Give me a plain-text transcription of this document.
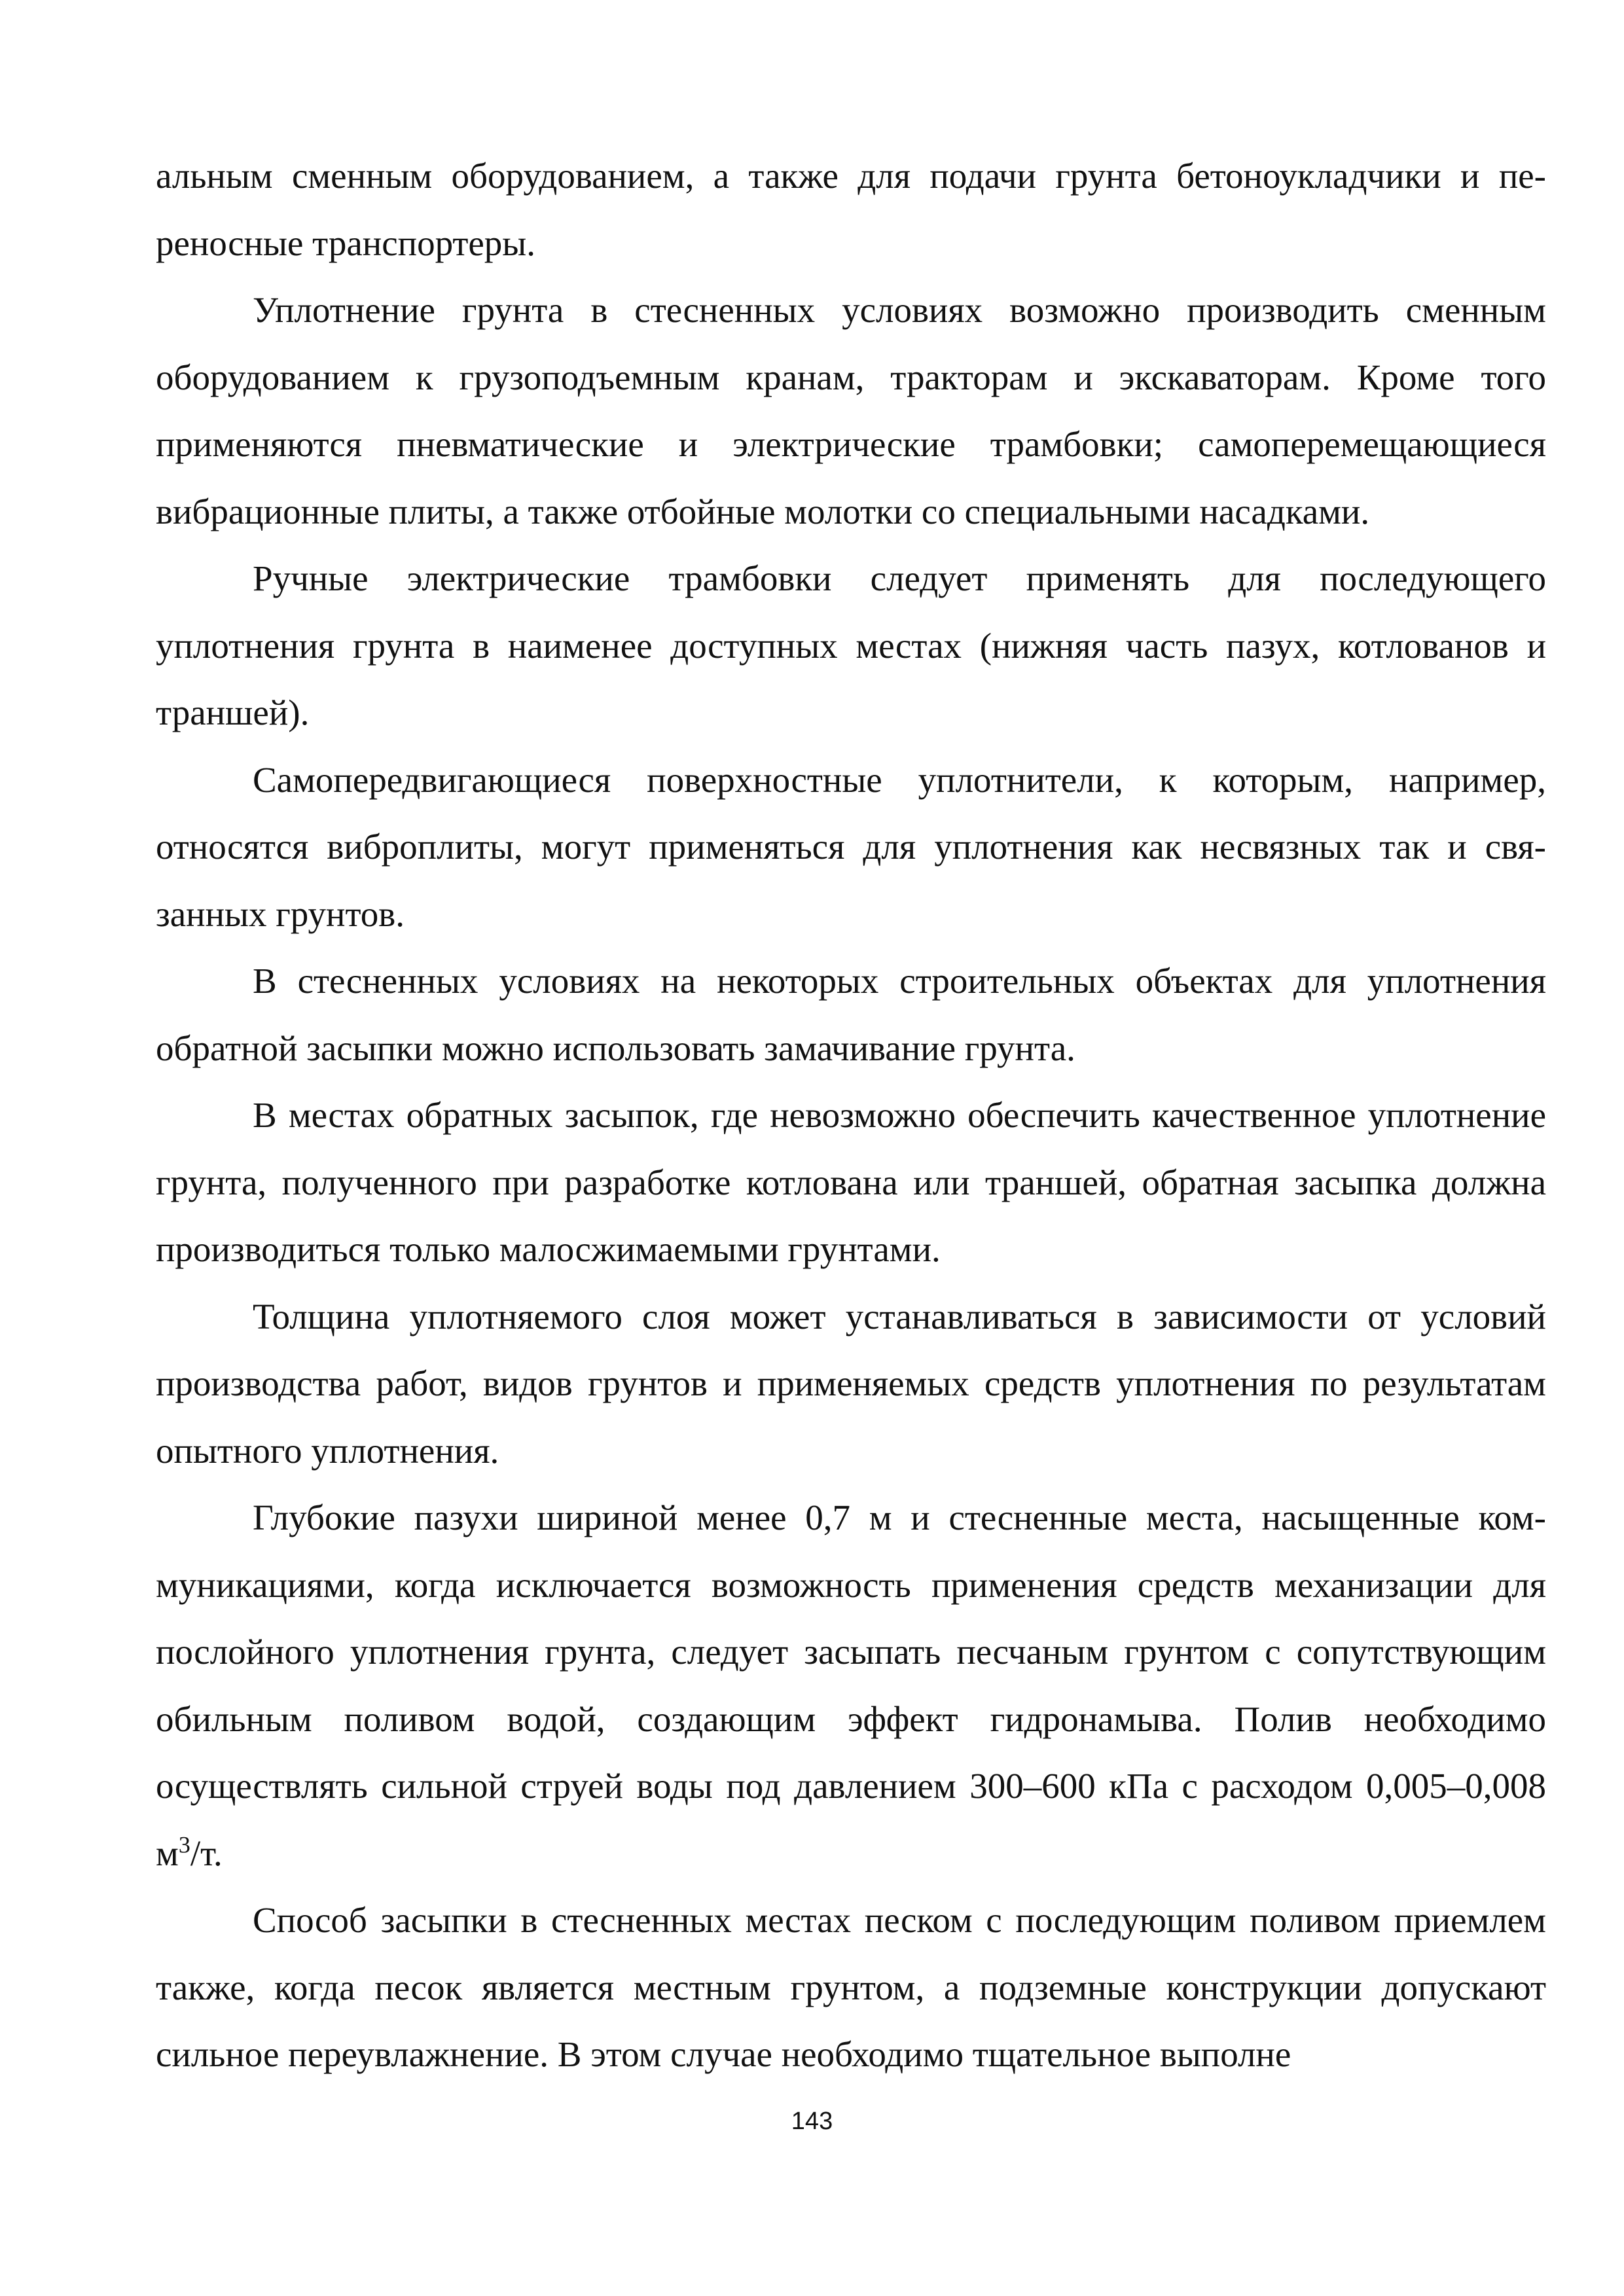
альным сменным оборудованием, а также для подачи грунта бетоноукладчики и переносные транспортеры.

Уплотнение грунта в стесненных условиях возможно производить сменным оборудованием к грузоподъемным кранам, тракторам и экскаваторам. Кроме того применяются пневматические и электрические трамбовки; самоперемещающиеся вибрационные плиты, а также отбойные молотки со специальными насадками.

Ручные электрические трамбовки следует применять для последующего уплотнения грунта в наименее доступных местах (нижняя часть пазух, котлованов и траншей).

Самопередвигающиеся поверхностные уплотнители, к которым, например, относятся виброплиты, могут применяться для уплотнения как несвязных так и связанных грунтов.

В стесненных условиях на некоторых строительных объектах для уплотнения обратной засыпки можно использовать замачивание грунта.

В местах обратных засыпок, где невозможно обеспечить качественное уплотнение грунта, полученного при разработке котлована или траншей, обратная засыпка должна производиться только малосжимаемыми грунтами.

Толщина уплотняемого слоя может устанавливаться в зависимости от условий производства работ, видов грунтов и применяемых средств уплотнения по результатам опытного уплотнения.

Глубокие пазухи шириной менее 0,7 м и стесненные места, насыщенные коммуникациями, когда исключается возможность применения средств механизации для послойного уплотнения грунта, следует засыпать песчаным грунтом с сопутствующим обильным поливом водой, создающим эффект гидронамыва. Полив необходимо осуществлять сильной струей воды под давлением 300–600 кПа с расходом 0,005–0,008 $м^3/т$.

Способ засыпки в стесненных местах песком с последующим поливом приемлем также, когда песок является местным грунтом, а подземные конструкции допускают сильное переувлажнение. В этом случае необходимо тщательное выполне

143
